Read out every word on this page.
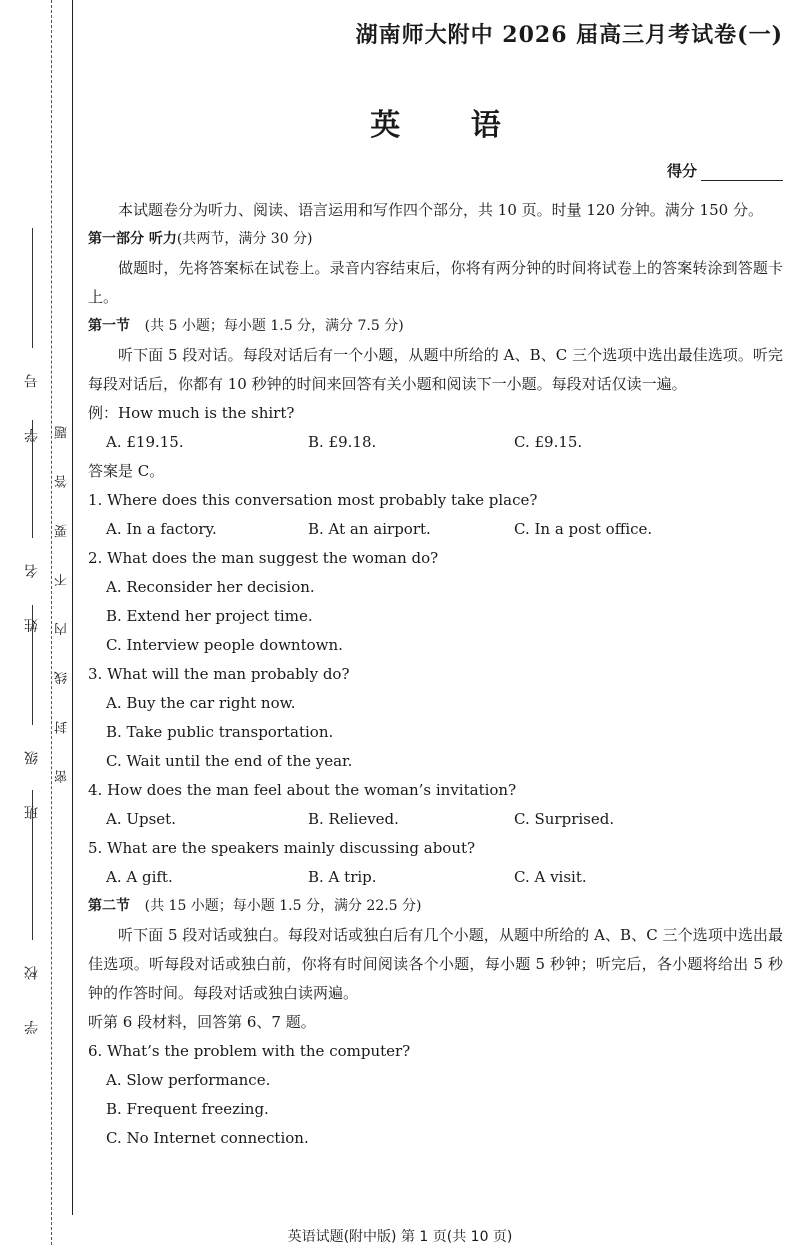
学 号
姓 名
班 级
学 校
密 封 线 内 不 要 答 题
湖南师大附中 2026 届高三月考试卷(一)
英 语
得分

本试题卷分为听力、阅读、语言运用和写作四个部分，共 10 页。时量 120 分钟。满分 150 分。

第一部分 听力(共两节，满分 30 分)

做题时，先将答案标在试卷上。录音内容结束后，你将有两分钟的时间将试卷上的答案转涂到答题卡上。

第一节 (共 5 小题；每小题 1.5 分，满分 7.5 分)

听下面 5 段对话。每段对话后有一个小题，从题中所给的 A、B、C 三个选项中选出最佳选项。听完每段对话后，你都有 10 秒钟的时间来回答有关小题和阅读下一小题。每段对话仅读一遍。

例：How much is the shirt?

A. £19.15.	B. £9.18.	C. £9.15.

答案是 C。

1. Where does this conversation most probably take place?

A. In a factory.	B. At an airport.	C. In a post office.

2. What does the man suggest the woman do?

A. Reconsider her decision.
B. Extend her project time.
C. Interview people downtown.

3. What will the man probably do?

A. Buy the car right now.
B. Take public transportation.
C. Wait until the end of the year.

4. How does the man feel about the woman’s invitation?

A. Upset.	B. Relieved.	C. Surprised.

5. What are the speakers mainly discussing about?

A. A gift.	B. A trip.	C. A visit.

第二节 (共 15 小题；每小题 1.5 分，满分 22.5 分)

听下面 5 段对话或独白。每段对话或独白后有几个小题，从题中所给的 A、B、C 三个选项中选出最佳选项。听每段对话或独白前，你将有时间阅读各个小题，每小题 5 秒钟；听完后，各小题将给出 5 秒钟的作答时间。每段对话或独白读两遍。

听第 6 段材料，回答第 6、7 题。

6. What’s the problem with the computer?

A. Slow performance.
B. Frequent freezing.
C. No Internet connection.
英语试题(附中版) 第 1 页(共 10 页)
